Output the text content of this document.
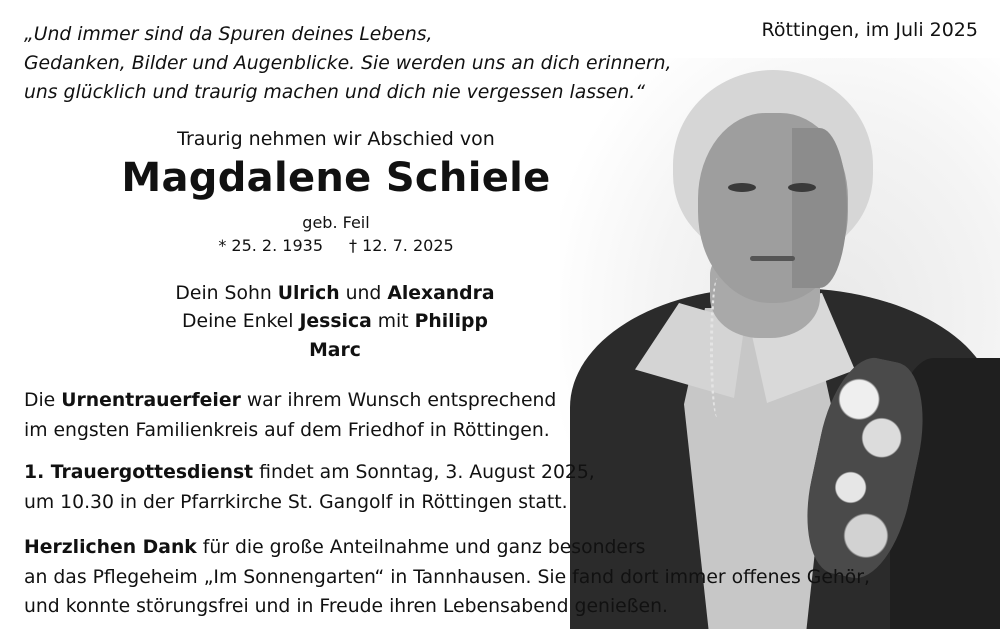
„Und immer sind da Spuren deines Lebens,
Gedanken, Bilder und Augenblicke. Sie werden uns an dich erinnern,
uns glücklich und traurig machen und dich nie vergessen lassen.“
Röttingen, im Juli 2025
Traurig nehmen wir Abschied von
Magdalene Schiele
geb. Feil
* 25. 2. 1935 † 12. 7. 2025
Dein Sohn Ulrich und Alexandra
Deine Enkel Jessica mit Philipp
Marc
Die Urnentrauerfeier war ihrem Wunsch entsprechend
im engsten Familienkreis auf dem Friedhof in Röttingen.
1. Trauergottesdienst findet am Sonntag, 3. August 2025,
um 10.30 in der Pfarrkirche St. Gangolf in Röttingen statt.
Herzlichen Dank für die große Anteilnahme und ganz besonders
an das Pflegeheim „Im Sonnengarten“ in Tannhausen. Sie fand dort immer offenes Gehör,
und konnte störungsfrei und in Freude ihren Lebensabend genießen.
